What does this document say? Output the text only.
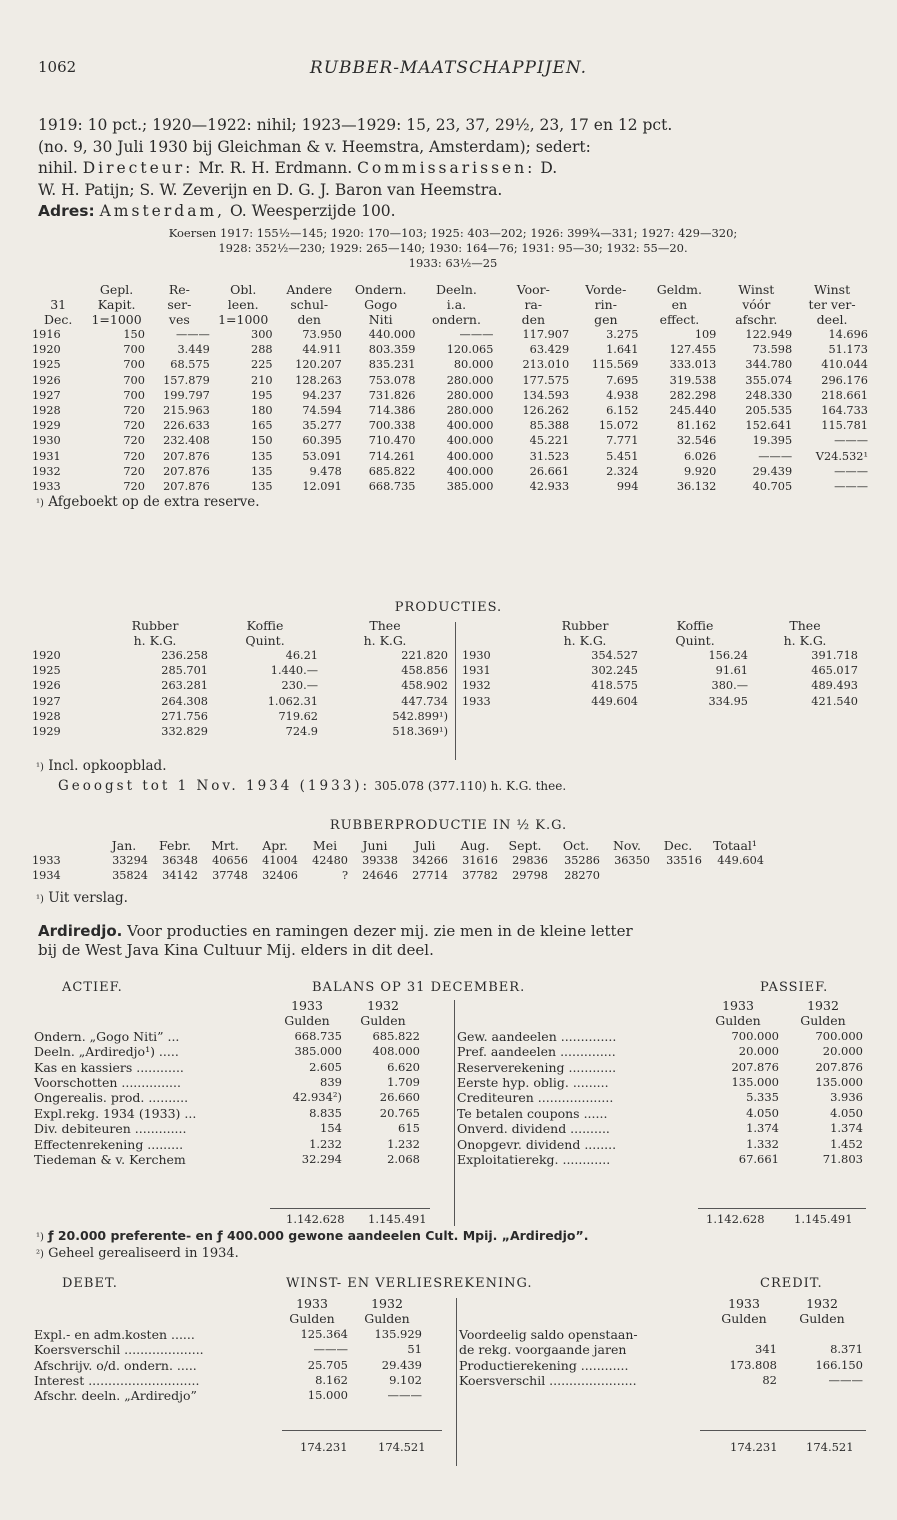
1062	RUBBER-MAATSCHAPPIJEN.

1919: 10 pct.; 1920—1922: nihil; 1923—1929: 15, 23, 37, 29½, 23, 17 en 12 pct.

(no. 9, 30 Juli 1930 bij Gleichman & v. Heemstra, Amsterdam); sedert:

nihil. Directeur: Mr. R. H. Erdmann. Commissarissen: D.

W. H. Patijn; S. W. Zeverijn en D. G. J. Baron van Heemstra.

Adres: Amsterdam, O. Weesperzijde 100.

Koersen 1917: 155½—145; 1920: 170—103; 1925: 403—202; 1926: 399¾—331; 1927: 429—320;
1928: 352½—230; 1929: 265—140; 1930: 164—76; 1931: 95—30; 1932: 55—20.
1933: 63½—25
	Gepl.	Re-	Obl.	Andere	Ondern.	Deeln.	Voor-	Vorde-	Geldm.	Winst	Winst
31	Kapit.	ser-	leen.	schul-	Gogo	i.a.	ra-	rin-	en	vóór	ter ver-
Dec.	1=1000	ves	1=1000	den	Niti	ondern.	den	gen	effect.	afschr.	deel.
1916	150	———	300	73.950	440.000	———	117.907	3.275	109	122.949	14.696
1920	700	3.449	288	44.911	803.359	120.065	63.429	1.641	127.455	73.598	51.173
1925	700	68.575	225	120.207	835.231	80.000	213.010	115.569	333.013	344.780	410.044
1926	700	157.879	210	128.263	753.078	280.000	177.575	7.695	319.538	355.074	296.176
1927	700	199.797	195	94.237	731.826	280.000	134.593	4.938	282.298	248.330	218.661
1928	720	215.963	180	74.594	714.386	280.000	126.262	6.152	245.440	205.535	164.733
1929	720	226.633	165	35.277	700.338	400.000	85.388	15.072	81.162	152.641	115.781
1930	720	232.408	150	60.395	710.470	400.000	45.221	7.771	32.546	19.395	———
1931	720	207.876	135	53.091	714.261	400.000	31.523	5.451	6.026	———	V24.532¹
1932	720	207.876	135	9.478	685.822	400.000	26.661	2.324	9.920	29.439	———
1933	720	207.876	135	12.091	668.735	385.000	42.933	994	36.132	40.705	———
¹) Afgeboekt op de extra reserve.
PRODUCTIES.
	Rubber	Koffie	Thee
	h. K.G.	Quint.	h. K.G.
1920	236.258	46.21	221.820
1925	285.701	1.440.—	458.856
1926	263.281	230.—	458.902
1927	264.308	1.062.31	447.734
1928	271.756	719.62	542.899¹)
1929	332.829	724.9	518.369¹)
	Rubber	Koffie	Thee
	h. K.G.	Quint.	h. K.G.
1930	354.527	156.24	391.718
1931	302.245	91.61	465.017
1932	418.575	380.—	489.493
1933	449.604	334.95	421.540
¹) Incl. opkoopblad.
Geoogst tot 1 Nov. 1934 (1933): 305.078 (377.110) h. K.G. thee.
RUBBERPRODUCTIE IN ½ K.G.
	Jan.	Febr.	Mrt.	Apr.	Mei	Juni	Juli	Aug.	Sept.	Oct.	Nov.	Dec.	Totaal¹
1933	33294	36348	40656	41004	42480	39338	34266	31616	29836	35286	36350	33516	449.604
1934	35824	34142	37748	32406	?	24646	27714	37782	29798	28270			
¹) Uit verslag.

Ardiredjo. Voor producties en ramingen dezer mij. zie men in de kleine letter

bij de West Java Kina Cultuur Mij. elders in dit deel.

ACTIEF.	BALANS OP 31 DECEMBER.	PASSIEF.
	1933	1932
	Gulden	Gulden
Ondern. „Gogo Niti” ...	668.735	685.822
Deeln. „Ardiredjo¹) .....	385.000	408.000
Kas en kassiers ............	2.605	6.620
Voorschotten ...............	839	1.709
Ongerealis. prod. ..........	42.934²)	26.660
Expl.rekg. 1934 (1933) ...	8.835	20.765
Div. debiteuren .............	154	615
Effectenrekening .........	1.232	1.232
Tiedeman & v. Kerchem	32.294	2.068
	1933	1932
	Gulden	Gulden
Gew. aandeelen ..............	700.000	700.000
Pref. aandeelen ..............	20.000	20.000
Reserverekening ............	207.876	207.876
Eerste hyp. oblig. .........	135.000	135.000
Crediteuren ...................	5.335	3.936
Te betalen coupons ......	4.050	4.050
Onverd. dividend ..........	1.374	1.374
Onopgevr. dividend ........	1.332	1.452
Exploitatierekg. ............	67.661	71.803
1.142.628 1.145.491	1.142.628	1.145.491
¹) ƒ 20.000 preferente- en ƒ 400.000 gewone aandeelen Cult. Mpij. „Ardiredjo”.
²) Geheel gerealiseerd in 1934.
DEBET.	WINST- EN VERLIESREKENING.	CREDIT.
	1933	1932
	Gulden	Gulden
Expl.- en adm.kosten ......	125.364	135.929
Koersverschil ....................	———	51
Afschrijv. o/d. ondern. .....	25.705	29.439
Interest ............................	8.162	9.102
Afschr. deeln. „Ardiredjo”	15.000	———
	1933	1932
	Gulden	Gulden
Voordeelig saldo openstaan-		
de rekg. voorgaande jaren	341	8.371
Productierekening ............	173.808	166.150
Koersverschil ......................	82	———
174.231	174.521	174.231 174.521
